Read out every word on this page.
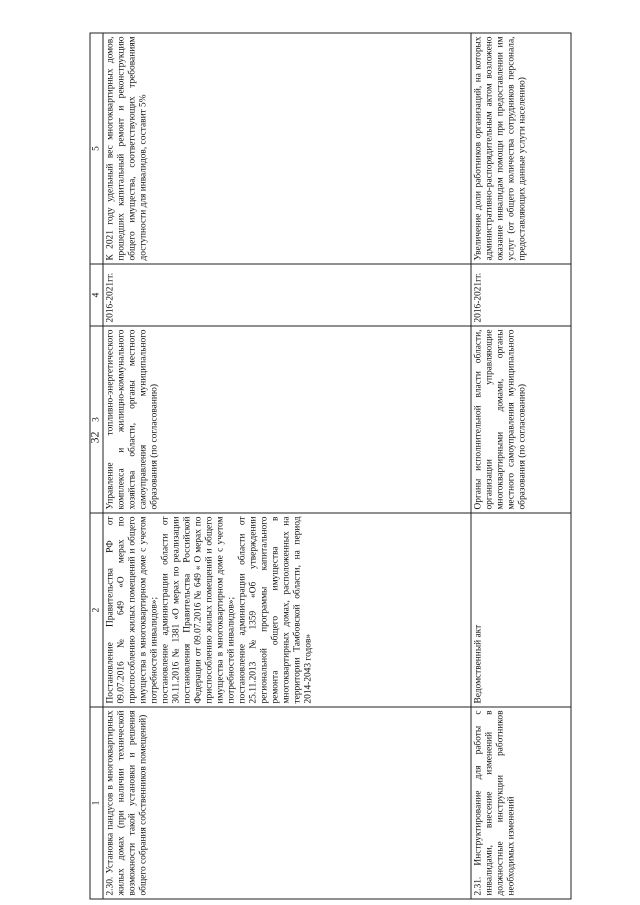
32
1	2	3	4	5
2.30. Установка пандусов в многоквартирных жилых домах (при наличии технической возможности такой установки и решения общего собрания собственников помещений)	Постановление Правительства РФ от 09.07.2016 № 649 «О мерах по приспособлению жилых помещений и общего имущества в многоквартирном доме с учетом потребностей инвалидов»;
постановление администрации области от 30.11.2016 № 1381 «О мерах по реализации постановления Правительства Российской Федерации от 09.07.2016 № 649 « О мерах по приспособлению жилых помещений и общего имущества в многоквартирном доме с учетом потребностей инвалидов»;
постановление администрации области от 25.11.2013 №1359 «Об утверждении региональной программы капитального ремонта общего имущества в многоквартирных домах, расположенных на территории Тамбовской области, на период 2014-2043 годов»	Управление топливно-энергетического комплекса и жилищно-коммунального хозяйства области, органы местного самоуправления муниципального образования (по согласованию)	2016-2021гг.	К 2021 году удельный вес многоквартирных домов, прошедших капитальный ремонт и реконструкцию общего имущества, соответствующих требованиям доступности для инвалидов, составит 5%
2.31. Инструктирование для работы с инвалидами, внесение изменений в должностные инструкции работников необходимых изменений	Ведомственный акт	Органы исполнительной власти области, организации управляющие многоквартирными домами, органы местного самоуправления муниципального образования (по согласованию)	2016-2021гг.	Увеличение доли работников организаций, на которых административно-распорядительным актом возложено оказание инвалидам помощи при предоставлении им услуг (от общего количества сотрудников персонала, предоставляющих данные услуги населению)
